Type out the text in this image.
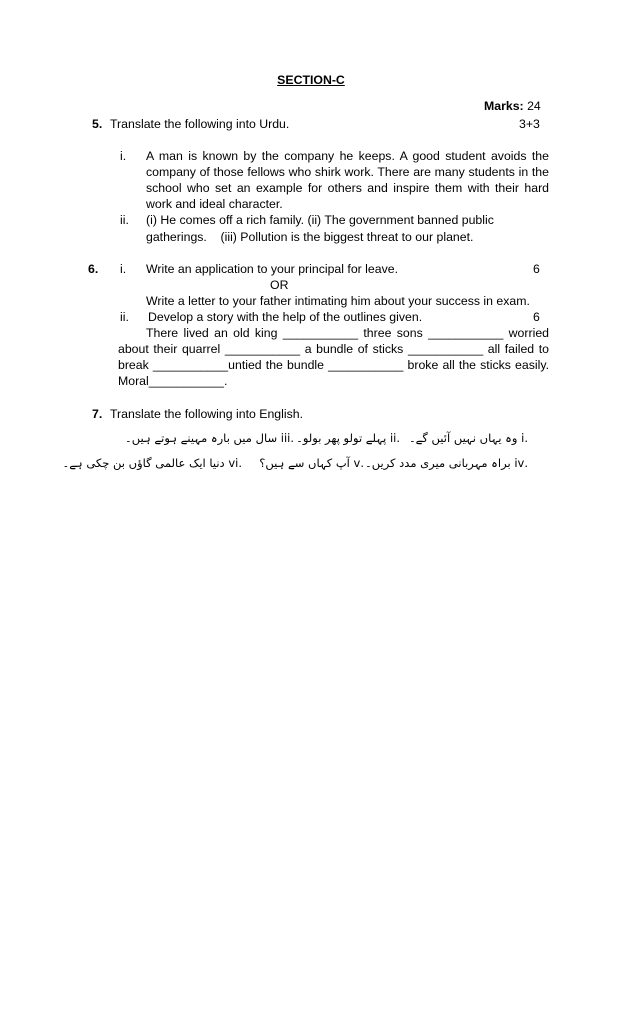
SECTION-C
Marks: 24
5. Translate the following into Urdu.	3+3
i. A man is known by the company he keeps. A good student avoids the
company of those fellows who shirk work. There are many students in the
school who set an example for others and inspire them with their hard
work and ideal character.
ii. (i) He comes off a rich family. (ii) The government banned public
gatherings.    (iii) Pollution is the biggest threat to our planet.
6. i. Write an application to your principal for leave.	6
OR
Write a letter to your father intimating him about your success in exam.
ii. Develop a story with the help of the outlines given.	6
There lived an old king ___________ three sons ___________ worried
about their quarrel ___________ a bundle of sticks ___________ all failed to
break ___________untied the bundle ___________ broke all the sticks easily.
Moral___________.
7. Translate the following into English.
.i وہ یہاں نہیں آئیں گے۔
.ii پہلے تولو پھر بولو۔
.iii سال میں بارہ مہینے ہوتے ہیں۔
.iv براہ مہربانی میری مدد کریں۔
.v آپ کہاں سے ہیں؟
.vi دنیا ایک عالمی گاؤں بن چکی ہے۔
